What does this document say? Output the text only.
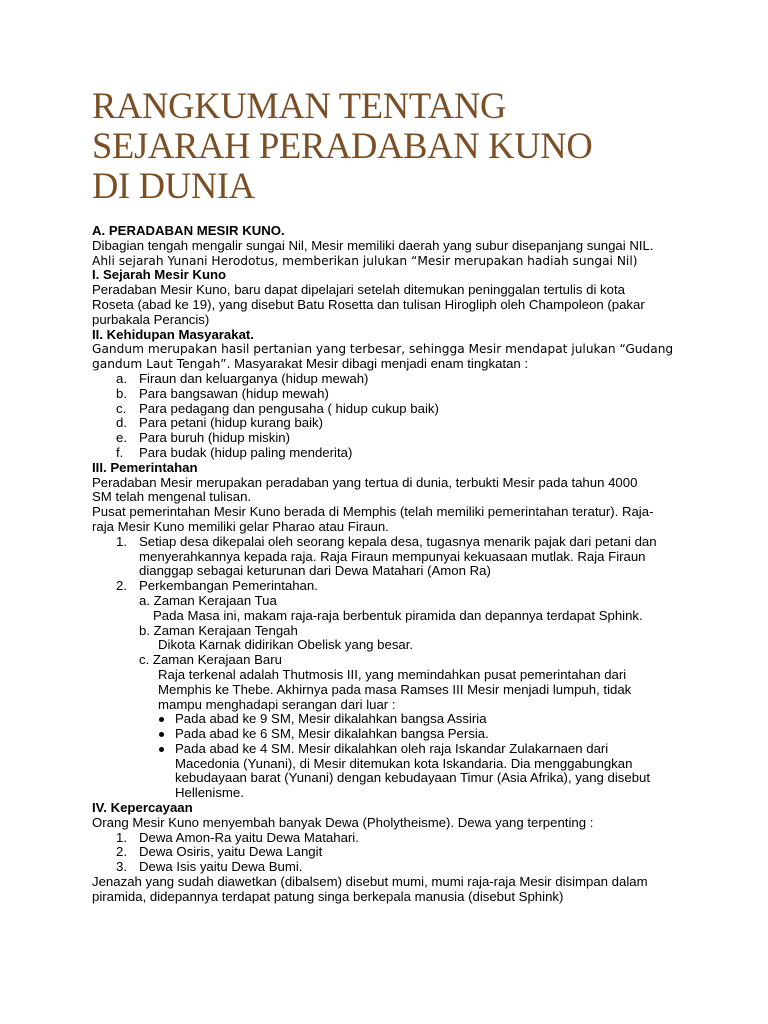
RANGKUMAN TENTANG
SEJARAH PERADABAN KUNO
DI DUNIA
A. PERADABAN MESIR KUNO.
Dibagian tengah mengalir sungai Nil, Mesir memiliki daerah yang subur disepanjang sungai NIL.
Ahli sejarah Yunani Herodotus, memberikan julukan “Mesir merupakan hadiah sungai Nil)
I. Sejarah Mesir Kuno
Peradaban Mesir Kuno, baru dapat dipelajari setelah ditemukan peninggalan tertulis di kota
Roseta (abad ke 19), yang disebut Batu Rosetta dan tulisan Hirogliph oleh Champoleon (pakar
purbakala Perancis)
II. Kehidupan Masyarakat.
Gandum merupakan hasil pertanian yang terbesar, sehingga Mesir mendapat julukan “Gudang
gandum Laut Tengah”. Masyarakat Mesir dibagi menjadi enam tingkatan :
a. Firaun dan keluarganya (hidup mewah)
b. Para bangsawan (hidup mewah)
c. Para pedagang dan pengusaha ( hidup cukup baik)
d. Para petani (hidup kurang baik)
e. Para buruh (hidup miskin)
f. Para budak (hidup paling menderita)
III. Pemerintahan
Peradaban Mesir merupakan peradaban yang tertua di dunia, terbukti Mesir pada tahun 4000
SM telah mengenal tulisan.
Pusat pemerintahan Mesir Kuno berada di Memphis (telah memiliki pemerintahan teratur). Raja-
raja Mesir Kuno memiliki gelar Pharao atau Firaun.
1. Setiap desa dikepalai oleh seorang kepala desa, tugasnya menarik pajak dari petani dan
menyerahkannya kepada raja. Raja Firaun mempunyai kekuasaan mutlak. Raja Firaun
dianggap sebagai keturunan dari Dewa Matahari (Amon Ra)
2. Perkembangan Pemerintahan.
a. Zaman Kerajaan Tua
Pada Masa ini, makam raja-raja berbentuk piramida dan depannya terdapat Sphink.
b. Zaman Kerajaan Tengah
Dikota Karnak didirikan Obelisk yang besar.
c. Zaman Kerajaan Baru
Raja terkenal adalah Thutmosis III, yang memindahkan pusat pemerintahan dari
Memphis ke Thebe. Akhirnya pada masa Ramses III Mesir menjadi lumpuh, tidak
mampu menghadapi serangan dari luar :
Pada abad ke 9 SM, Mesir dikalahkan bangsa Assiria
Pada abad ke 6 SM, Mesir dikalahkan bangsa Persia.
Pada abad ke 4 SM. Mesir dikalahkan oleh raja Iskandar Zulakarnaen dari
Macedonia (Yunani), di Mesir ditemukan kota Iskandaria. Dia menggabungkan
kebudayaan barat (Yunani) dengan kebudayaan Timur (Asia Afrika), yang disebut
Hellenisme.
IV. Kepercayaan
Orang Mesir Kuno menyembah banyak Dewa (Pholytheisme). Dewa yang terpenting :
1. Dewa Amon-Ra yaitu Dewa Matahari.
2. Dewa Osiris, yaitu Dewa Langit
3. Dewa Isis yaitu Dewa Bumi.
Jenazah yang sudah diawetkan (dibalsem) disebut mumi, mumi raja-raja Mesir disimpan dalam
piramida, didepannya terdapat patung singa berkepala manusia (disebut Sphink)
